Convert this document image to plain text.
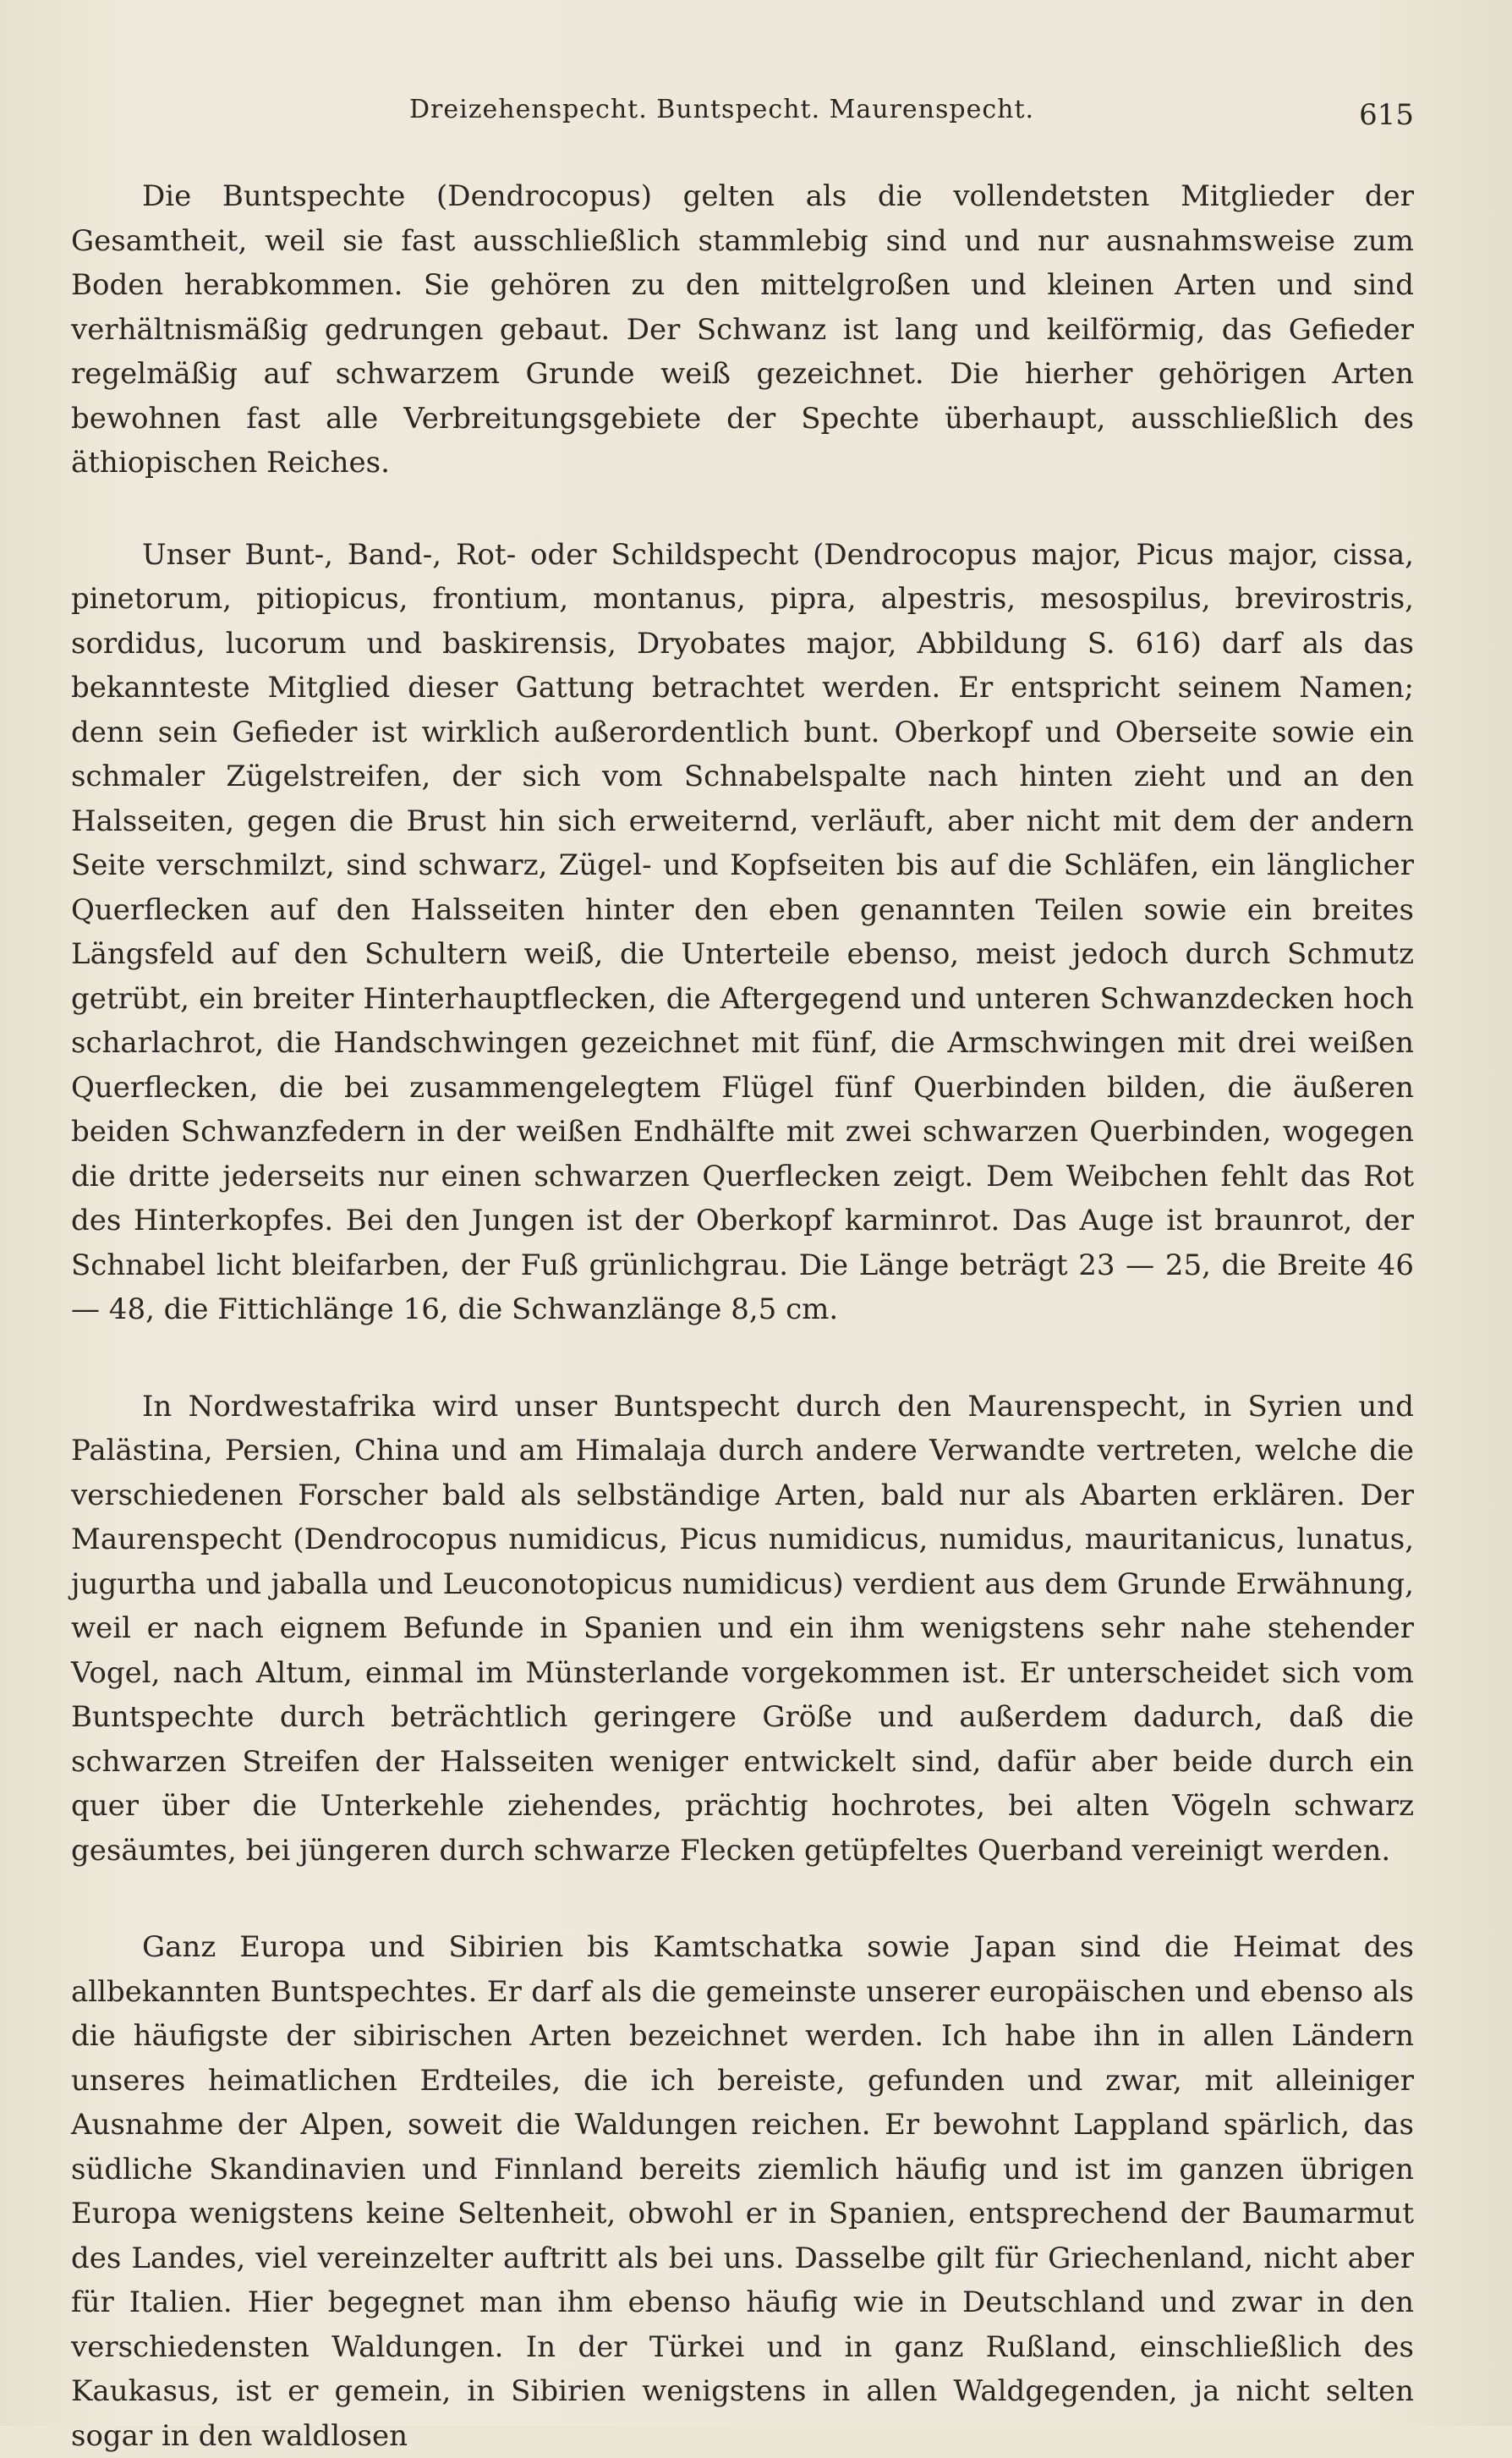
Dreizehenspecht. Buntspecht. Maurenspecht.	615

Die Buntspechte (Dendrocopus) gelten als die vollendetsten Mitglieder der Gesamtheit, weil sie fast ausschließlich stammlebig sind und nur ausnahmsweise zum Boden herabkommen. Sie gehören zu den mittelgroßen und kleinen Arten und sind verhältnismäßig gedrungen gebaut. Der Schwanz ist lang und keilförmig, das Gefieder regelmäßig auf schwarzem Grunde weiß gezeichnet. Die hierher gehörigen Arten bewohnen fast alle Verbreitungsgebiete der Spechte überhaupt, ausschließlich des äthiopischen Reiches.

Unser Bunt-, Band-, Rot- oder Schildspecht (Dendrocopus major, Picus major, cissa, pinetorum, pitiopicus, frontium, montanus, pipra, alpestris, mesospilus, brevirostris, sordidus, lucorum und baskirensis, Dryobates major, Abbildung S. 616) darf als das bekannteste Mitglied dieser Gattung betrachtet werden. Er entspricht seinem Namen; denn sein Gefieder ist wirklich außerordentlich bunt. Oberkopf und Oberseite sowie ein schmaler Zügelstreifen, der sich vom Schnabelspalte nach hinten zieht und an den Halsseiten, gegen die Brust hin sich erweiternd, verläuft, aber nicht mit dem der andern Seite verschmilzt, sind schwarz, Zügel- und Kopfseiten bis auf die Schläfen, ein länglicher Querflecken auf den Halsseiten hinter den eben genannten Teilen sowie ein breites Längsfeld auf den Schultern weiß, die Unterteile ebenso, meist jedoch durch Schmutz getrübt, ein breiter Hinterhauptflecken, die Aftergegend und unteren Schwanzdecken hoch scharlachrot, die Handschwingen gezeichnet mit fünf, die Armschwingen mit drei weißen Querflecken, die bei zusammengelegtem Flügel fünf Querbinden bilden, die äußeren beiden Schwanzfedern in der weißen Endhälfte mit zwei schwarzen Querbinden, wogegen die dritte jederseits nur einen schwarzen Querflecken zeigt. Dem Weibchen fehlt das Rot des Hinterkopfes. Bei den Jungen ist der Oberkopf karminrot. Das Auge ist braunrot, der Schnabel licht bleifarben, der Fuß grünlichgrau. Die Länge beträgt 23 — 25, die Breite 46 — 48, die Fittichlänge 16, die Schwanzlänge 8,5 cm.

In Nordwestafrika wird unser Buntspecht durch den Maurenspecht, in Syrien und Palästina, Persien, China und am Himalaja durch andere Verwandte vertreten, welche die verschiedenen Forscher bald als selbständige Arten, bald nur als Abarten erklären. Der Maurenspecht (Dendrocopus numidicus, Picus numidicus, numidus, mauritanicus, lunatus, jugurtha und jaballa und Leuconotopicus numidicus) verdient aus dem Grunde Erwähnung, weil er nach eignem Befunde in Spanien und ein ihm wenigstens sehr nahe stehender Vogel, nach Altum, einmal im Münsterlande vorgekommen ist. Er unterscheidet sich vom Buntspechte durch beträchtlich geringere Größe und außerdem dadurch, daß die schwarzen Streifen der Halsseiten weniger entwickelt sind, dafür aber beide durch ein quer über die Unterkehle ziehendes, prächtig hochrotes, bei alten Vögeln schwarz gesäumtes, bei jüngeren durch schwarze Flecken getüpfeltes Querband vereinigt werden.

Ganz Europa und Sibirien bis Kamtschatka sowie Japan sind die Heimat des allbekannten Buntspechtes. Er darf als die gemeinste unserer europäischen und ebenso als die häufigste der sibirischen Arten bezeichnet werden. Ich habe ihn in allen Ländern unseres heimatlichen Erdteiles, die ich bereiste, gefunden und zwar, mit alleiniger Ausnahme der Alpen, soweit die Waldungen reichen. Er bewohnt Lappland spärlich, das südliche Skandinavien und Finnland bereits ziemlich häufig und ist im ganzen übrigen Europa wenigstens keine Seltenheit, obwohl er in Spanien, entsprechend der Baumarmut des Landes, viel vereinzelter auftritt als bei uns. Dasselbe gilt für Griechenland, nicht aber für Italien. Hier begegnet man ihm ebenso häufig wie in Deutschland und zwar in den verschiedensten Waldungen. In der Türkei und in ganz Rußland, einschließlich des Kaukasus, ist er gemein, in Sibirien wenigstens in allen Waldgegenden, ja nicht selten sogar in den waldlosen
